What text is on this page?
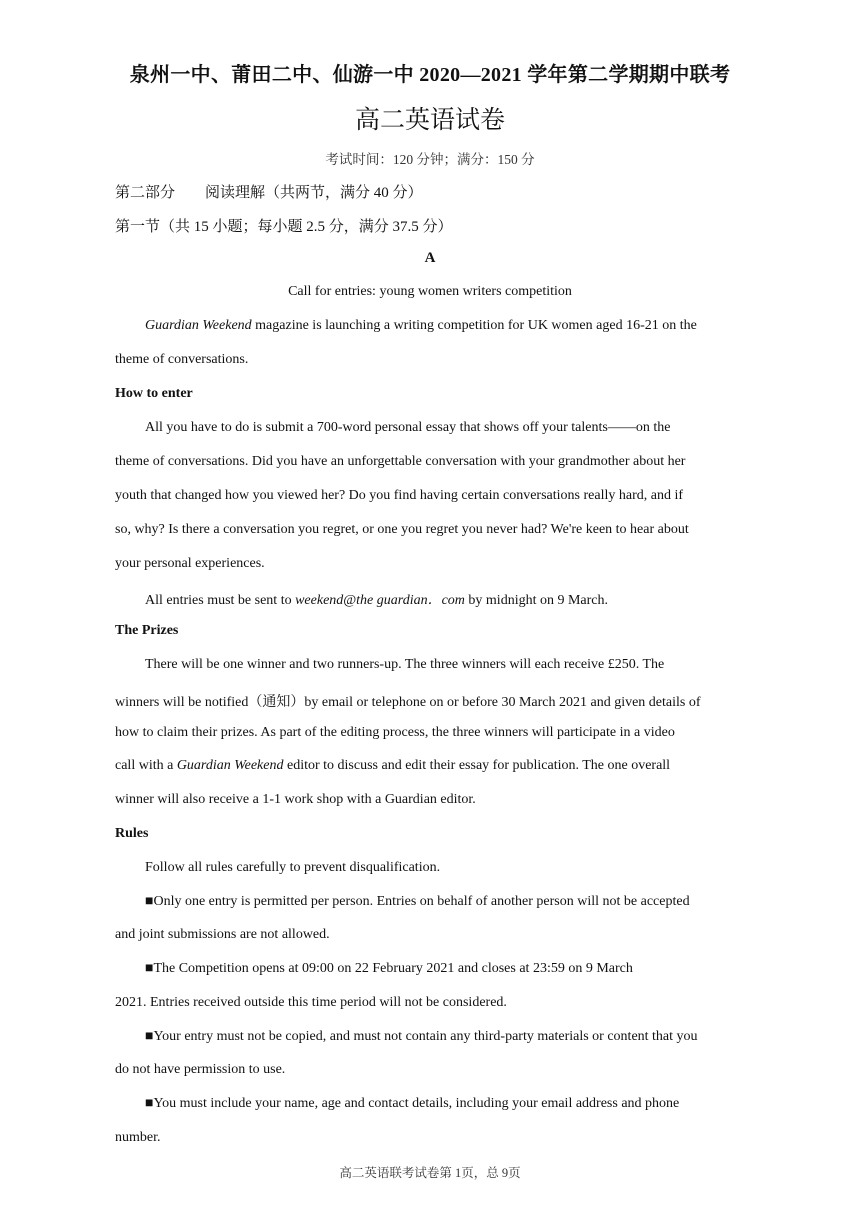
泉州一中、莆田二中、仙游一中 2020—2021 学年第二学期期中联考
高二英语试卷
考试时间：120 分钟；满分：150 分
第二部分　　阅读理解（共两节，满分 40 分）
第一节（共 15 小题；每小题 2.5 分，满分 37.5 分）
A
Call for entries: young women writers competition
Guardian Weekend magazine is launching a writing competition for UK women aged 16-21 on the
theme of conversations.
How to enter
All you have to do is submit a 700-word personal essay that shows off your talents——on the
theme of conversations. Did you have an unforgettable conversation with your grandmother about her
youth that changed how you viewed her? Do you find having certain conversations really hard, and if
so, why? Is there a conversation you regret, or one you regret you never had? We're keen to hear about
your personal experiences.
All entries must be sent to weekend@the guardian．com by midnight on 9 March.
The Prizes
There will be one winner and two runners-up. The three winners will each receive £250. The
winners will be notified（通知）by email or telephone on or before 30 March 2021 and given details of
how to claim their prizes. As part of the editing process, the three winners will participate in a video
call with a Guardian Weekend editor to discuss and edit their essay for publication. The one overall
winner will also receive a 1-1 work shop with a Guardian editor.
Rules
Follow all rules carefully to prevent disqualification.
■Only one entry is permitted per person. Entries on behalf of another person will not be accepted
and joint submissions are not allowed.
■The Competition opens at 09:00 on 22 February 2021 and closes at 23:59 on 9 March
2021. Entries received outside this time period will not be considered.
■Your entry must not be copied, and must not contain any third-party materials or content that you
do not have permission to use.
■You must include your name, age and contact details, including your email address and phone
number.
高二英语联考试卷第 1页，总 9页
